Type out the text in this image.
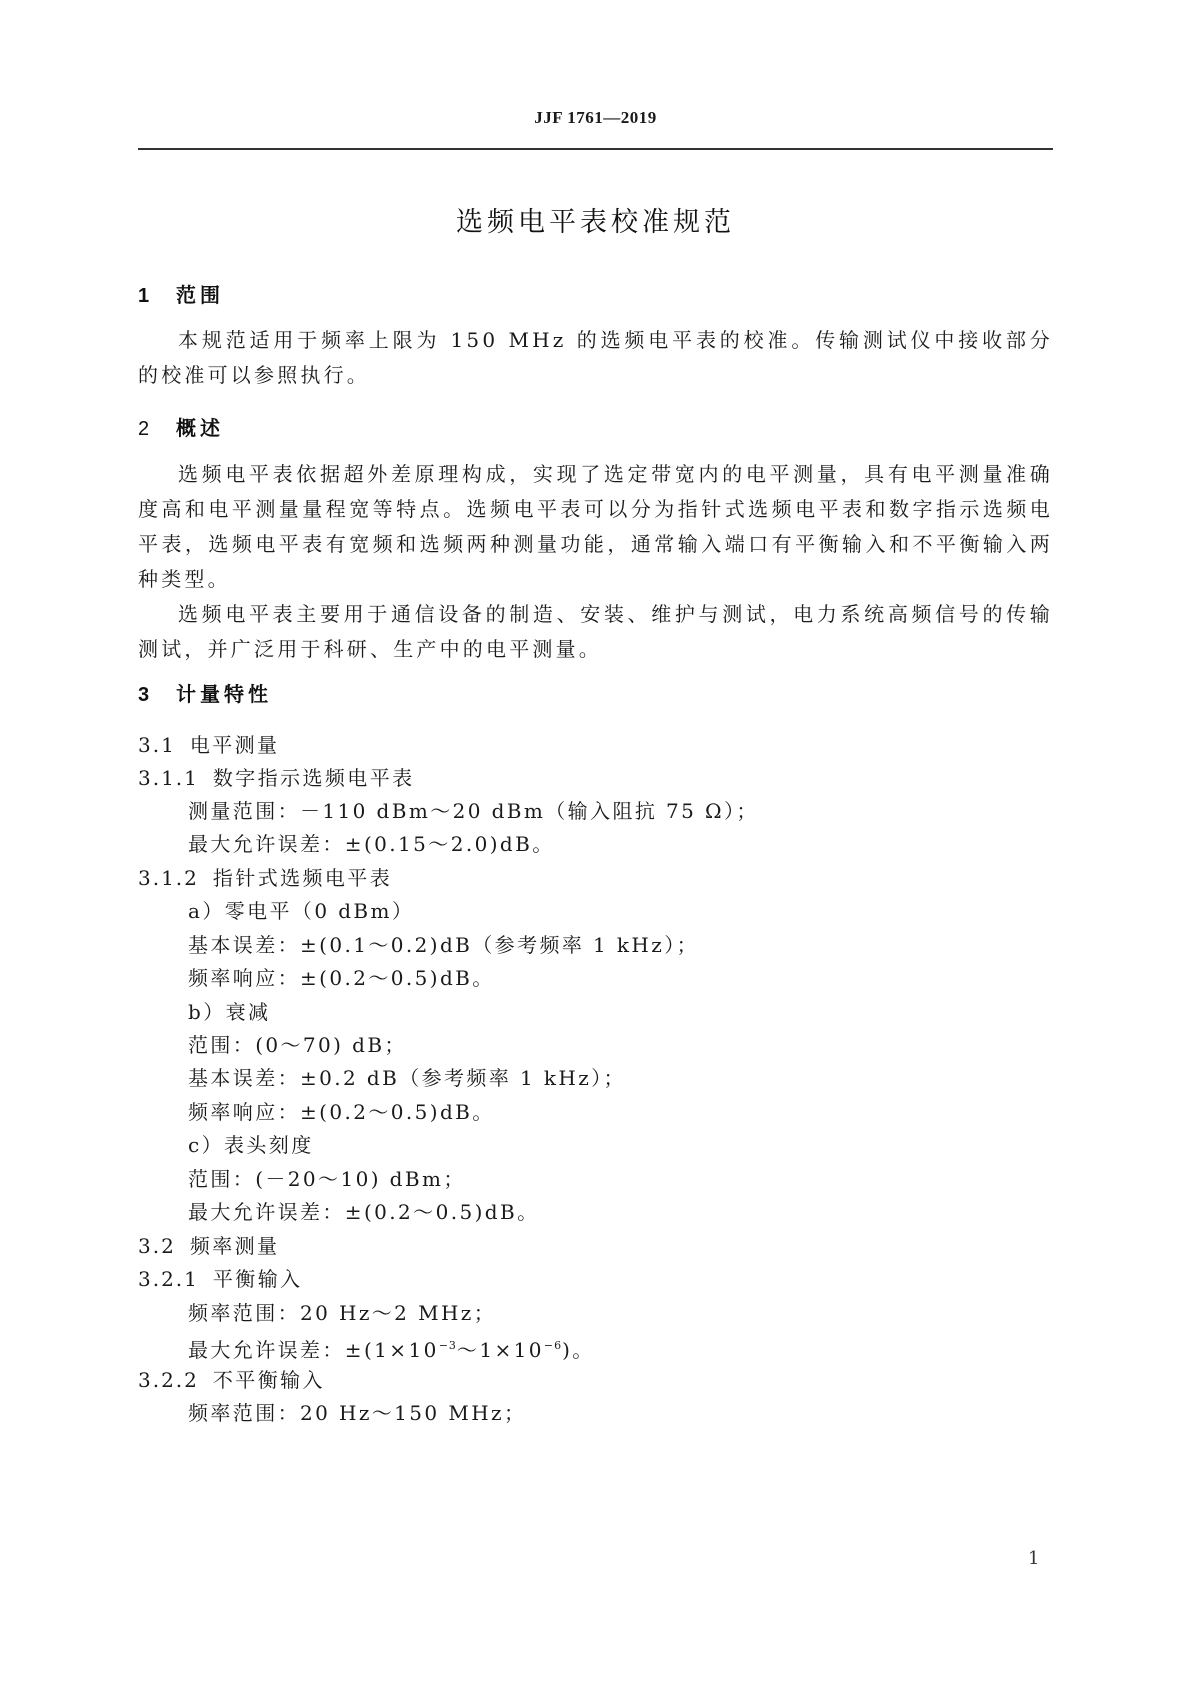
JJF 1761—2019
选频电平表校准规范
1 范围

本规范适用于频率上限为 150 MHz 的选频电平表的校准。传输测试仪中接收部分的校准可以参照执行。

2 概述

选频电平表依据超外差原理构成，实现了选定带宽内的电平测量，具有电平测量准确度高和电平测量量程宽等特点。选频电平表可以分为指针式选频电平表和数字指示选频电平表，选频电平表有宽频和选频两种测量功能，通常输入端口有平衡输入和不平衡输入两种类型。

选频电平表主要用于通信设备的制造、安装、维护与测试，电力系统高频信号的传输测试，并广泛用于科研、生产中的电平测量。

3 计量特性
3.1 电平测量
3.1.1 数字指示选频电平表
测量范围：－110 dBm～20 dBm（输入阻抗 75 Ω）；
最大允许误差：±(0.15～2.0)dB。
3.1.2 指针式选频电平表
a）零电平（0 dBm）
基本误差：±(0.1～0.2)dB（参考频率 1 kHz）；
频率响应：±(0.2～0.5)dB。
b）衰减
范围：(0～70) dB；
基本误差：±0.2 dB（参考频率 1 kHz）；
频率响应：±(0.2～0.5)dB。
c）表头刻度
范围：(－20～10) dBm；
最大允许误差：±(0.2～0.5)dB。
3.2 频率测量
3.2.1 平衡输入
频率范围：20 Hz～2 MHz；
最大允许误差：$\pm(1\times 10^{-3}\sim 1\times 10^{-6})$。
3.2.2 不平衡输入
频率范围：20 Hz～150 MHz；
1
